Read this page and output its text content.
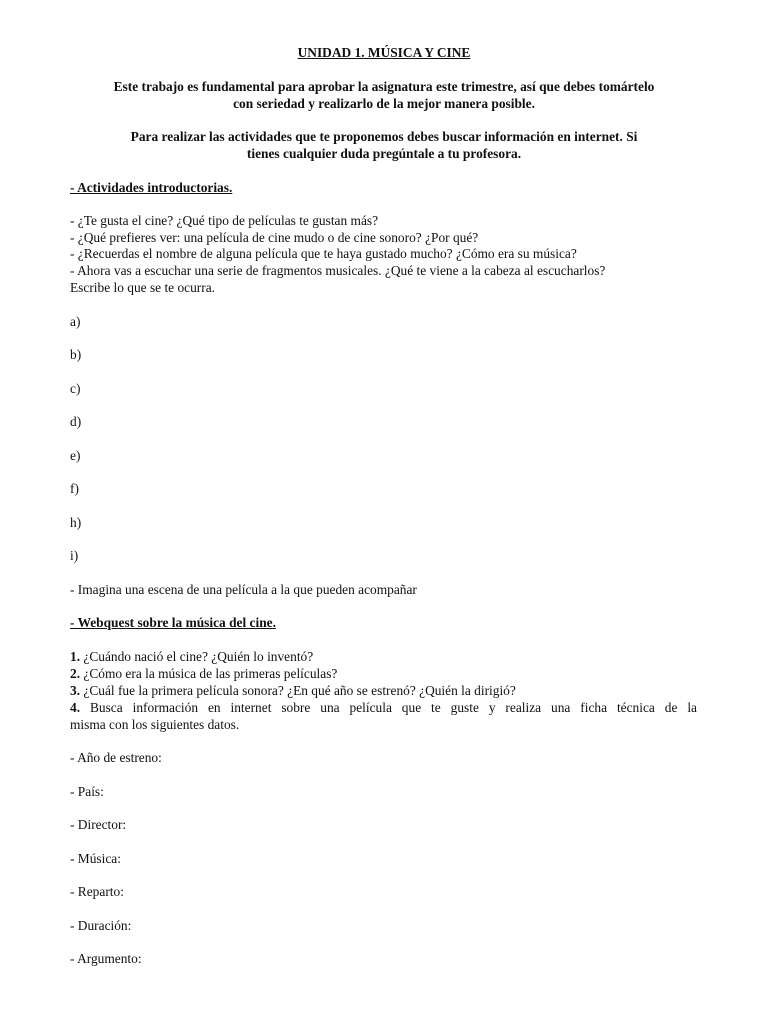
UNIDAD 1. MÚSICA Y CINE
Este trabajo es fundamental para aprobar la asignatura este trimestre, así que debes tomártelo
con seriedad y realizarlo de la mejor manera posible.
Para realizar las actividades que te proponemos debes buscar información en internet. Si
tienes cualquier duda pregúntale a tu profesora.
- Actividades introductorias.
- ¿Te gusta el cine? ¿Qué tipo de películas te gustan más?
- ¿Qué prefieres ver: una película de cine mudo o de cine sonoro? ¿Por qué?
- ¿Recuerdas el nombre de alguna película que te haya gustado mucho? ¿Cómo era su música?
- Ahora vas a escuchar una serie de fragmentos musicales. ¿Qué te viene a la cabeza al escucharlos?
Escribe lo que se te ocurra.
a)
b)
c)
d)
e)
f)
h)
i)
- Imagina una escena de una película a la que pueden acompañar
- Webquest sobre la música del cine.
1. ¿Cuándo nació el cine? ¿Quién lo inventó?
2. ¿Cómo era la música de las primeras películas?
3. ¿Cuál fue la primera película sonora? ¿En qué año se estrenó? ¿Quién la dirigió?
4. Busca información en internet sobre una película que te guste y realiza una ficha técnica de la
misma con los siguientes datos.
- Año de estreno:
- País:
- Director:
- Música:
- Reparto:
- Duración:
- Argumento:
